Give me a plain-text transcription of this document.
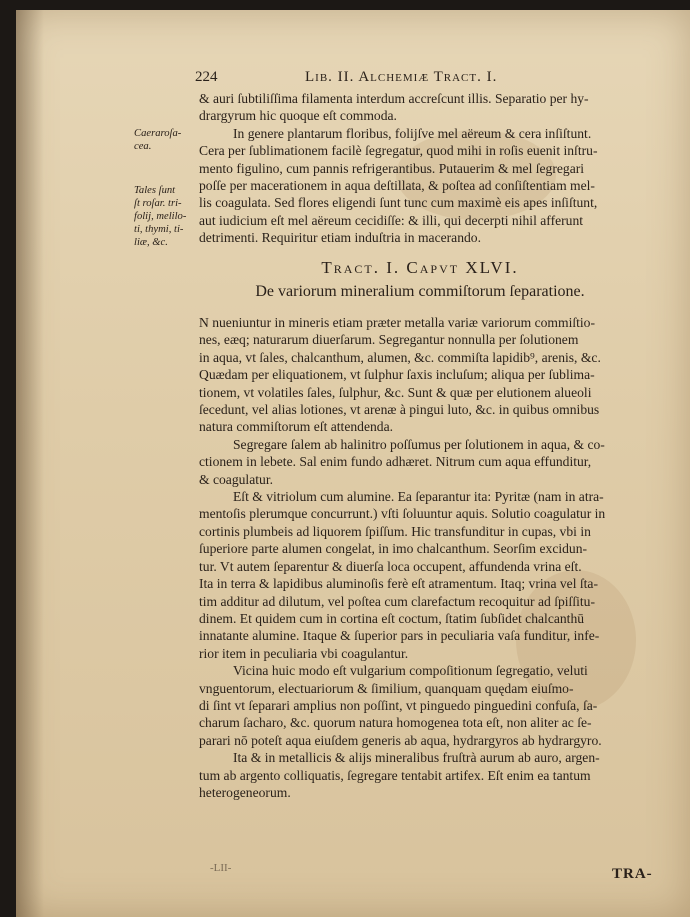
224	Lib. II. Alchemiæ Tract. I.
Caeraroſa-
cea.
Tales ſunt
ſt roſar. tri-
folij, melilo-
ti, thymi, ti-
liæ, &c.
& auri ſubtiliſſima filamenta interdum accreſcunt illis. Separatio per hy-
drargyrum hic quoque eſt commoda.
In genere plantarum floribus, folijſve mel aëreum & cera inſiſtunt.
Cera per ſublimationem facilè ſegregatur, quod mihi in roſis euenit inſtru-
mento figulino, cum pannis refrigerantibus. Putauerim & mel ſegregari
poſſe per macerationem in aqua deſtillata, & poſtea ad conſiſtentiam mel-
lis coagulata. Sed flores eligendi ſunt tunc cum maximè eis apes inſiſtunt,
aut iudicium eſt mel aëreum cecidiſſe: & illi, qui decerpti nihil afferunt
detrimenti. Requiritur etiam induſtria in macerando.
Tract. I. Capvt XLVI.
De variorum mineralium commiſtorum ſeparatione.
N nueniuntur in mineris etiam præter metalla variæ variorum commiſtio-
nes, eæq; naturarum diuerſarum. Segregantur nonnulla per ſolutionem
in aqua, vt ſales, chalcanthum, alumen, &c. commiſta lapidib⁹, arenis, &c.
Quædam per eliquationem, vt ſulphur ſaxis incluſum; aliqua per ſublima-
tionem, vt volatiles ſales, ſulphur, &c. Sunt & quæ per elutionem alueoli
ſecedunt, vel alias lotiones, vt arenæ à pingui luto, &c. in quibus omnibus
natura commiſtorum eſt attendenda.
Segregare ſalem ab halinitro poſſumus per ſolutionem in aqua, & co-
ctionem in lebete. Sal enim fundo adhæret. Nitrum cum aqua effunditur,
& coagulatur.
Eſt & vitriolum cum alumine. Ea ſeparantur ita: Pyritæ (nam in atra-
mentoſis plerumque concurrunt.) vſti ſoluuntur aquis. Solutio coagulatur in
cortinis plumbeis ad liquorem ſpiſſum. Hic transfunditur in cupas, vbi in
ſuperiore parte alumen congelat, in imo chalcanthum. Seorſim excidun-
tur. Vt autem ſeparentur & diuerſa loca occupent, affundenda vrina eſt.
Ita in terra & lapidibus aluminoſis ferè eſt atramentum. Itaq; vrina vel ſta-
tim additur ad dilutum, vel poſtea cum clarefactum recoquitur ad ſpiſſitu-
dinem. Et quidem cum in cortina eſt coctum, ſtatim ſubſidet chalcanthū
innatante alumine. Itaque & ſuperior pars in peculiaria vaſa funditur, infe-
rior item in peculiaria vbi coagulantur.
Vicina huic modo eſt vulgarium compoſitionum ſegregatio, veluti
vnguentorum, electuariorum & ſimilium, quanquam quędam eiuſmo-
di ſint vt ſeparari amplius non poſſint, vt pinguedo pinguedini confuſa, ſa-
charum ſacharo, &c. quorum natura homogenea tota eſt, non aliter ac ſe-
parari nō poteſt aqua eiuſdem generis ab aqua, hydrargyros ab hydrargyro.
Ita & in metallicis & alijs mineralibus fruſtrà aurum ab auro, argen-
tum ab argento colliquatis, ſegregare tentabit artifex. Eſt enim ea tantum
heterogeneorum.
-LII-	TRA-
